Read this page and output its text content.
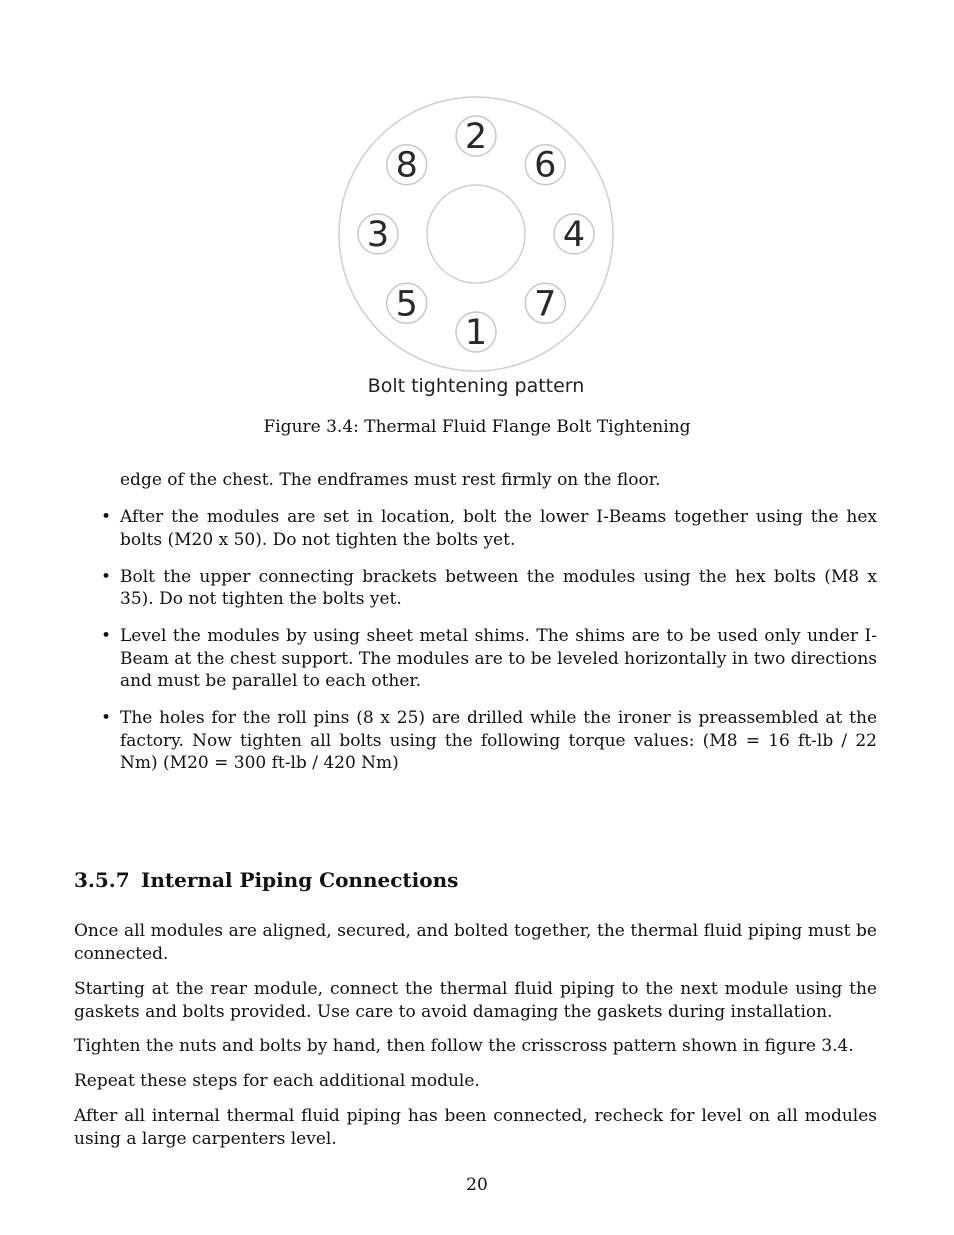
2
6
4
7
1
5
3
8
Bolt tightening pattern
Figure 3.4: Thermal Fluid Flange Bolt Tightening
edge of the chest. The endframes must rest firmly on the floor.
• After the modules are set in location, bolt the lower I-Beams together using the hex bolts (M20 x 50). Do not tighten the bolts yet.
• Bolt the upper connecting brackets between the modules using the hex bolts (M8 x 35). Do not tighten the bolts yet.
• Level the modules by using sheet metal shims. The shims are to be used only under I-Beam at the chest support. The modules are to be leveled horizontally in two directions and must be parallel to each other.
• The holes for the roll pins (8 x 25) are drilled while the ironer is preassembled at the factory. Now tighten all bolts using the following torque values: (M8 = 16 ft-lb / 22 Nm) (M20 = 300 ft-lb / 420 Nm)
3.5.7 Internal Piping Connections

Once all modules are aligned, secured, and bolted together, the thermal fluid piping must be connected.

Starting at the rear module, connect the thermal fluid piping to the next module using the gaskets and bolts provided. Use care to avoid damaging the gaskets during installation.

Tighten the nuts and bolts by hand, then follow the crisscross pattern shown in figure 3.4.

Repeat these steps for each additional module.

After all internal thermal fluid piping has been connected, recheck for level on all modules using a large carpenters level.

20
